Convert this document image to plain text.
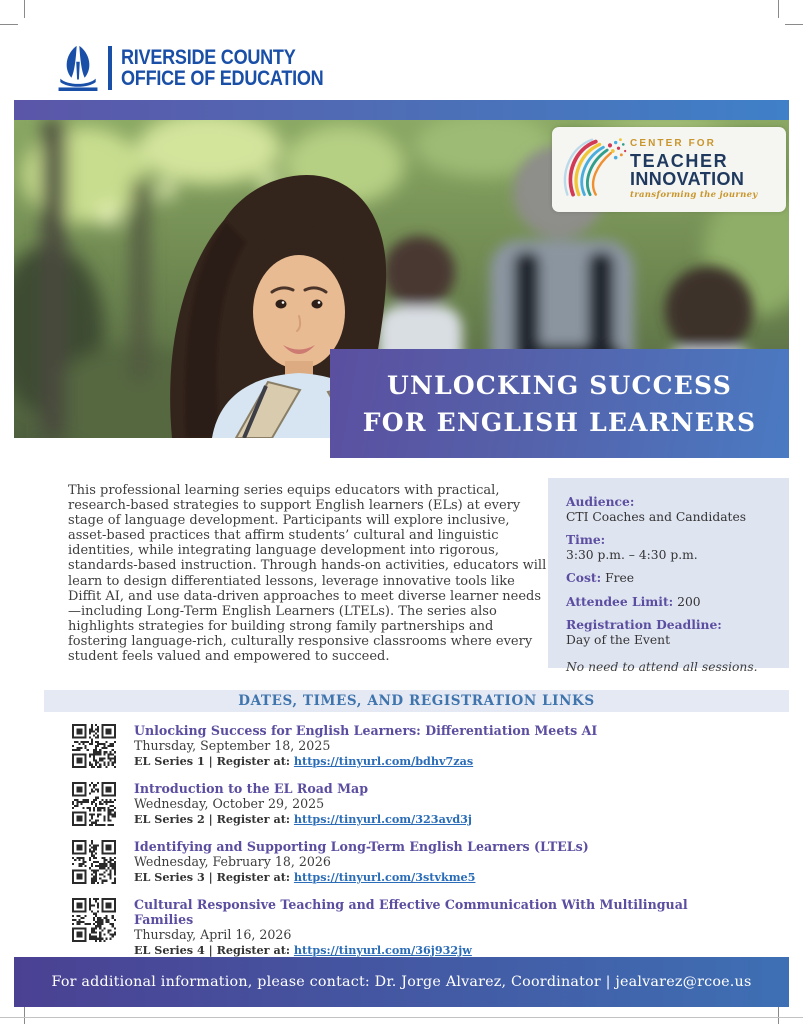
RIVERSIDE COUNTY
OFFICE OF EDUCATION
CENTER FOR
TEACHER
INNOVATION
transforming the journey
UNLOCKING SUCCESS
FOR ENGLISH LEARNERS
This professional learning series equips educators with practical, research-based strategies to support English learners (ELs) at every stage of language development. Participants will explore inclusive, asset-based practices that affirm students’ cultural and linguistic identities, while integrating language development into rigorous, standards-based instruction. Through hands-on activities, educators will learn to design differentiated lessons, leverage innovative tools like Diffit AI, and use data-driven approaches to meet diverse learner needs—including Long-Term English Learners (LTELs). The series also highlights strategies for building strong family partnerships and fostering language-rich, culturally responsive classrooms where every student feels valued and empowered to succeed.
Audience:
CTI Coaches and Candidates
Time:
3:30 p.m. – 4:30 p.m.
Cost: Free
Attendee Limit: 200
Registration Deadline:
Day of the Event
No need to attend all sessions.
DATES, TIMES, AND REGISTRATION LINKS
Unlocking Success for English Learners: Differentiation Meets AI
Thursday, September 18, 2025
EL Series 1 | Register at: https://tinyurl.com/bdhv7zas
Introduction to the EL Road Map
Wednesday, October 29, 2025
EL Series 2 | Register at: https://tinyurl.com/323avd3j
Identifying and Supporting Long-Term English Learners (LTELs)
Wednesday, February 18, 2026
EL Series 3 | Register at: https://tinyurl.com/3stvkme5
Cultural Responsive Teaching and Effective Communication With Multilingual Families
Thursday, April 16, 2026
EL Series 4 | Register at: https://tinyurl.com/36j932jw
For additional information, please contact: Dr. Jorge Alvarez, Coordinator | jealvarez@rcoe.us
